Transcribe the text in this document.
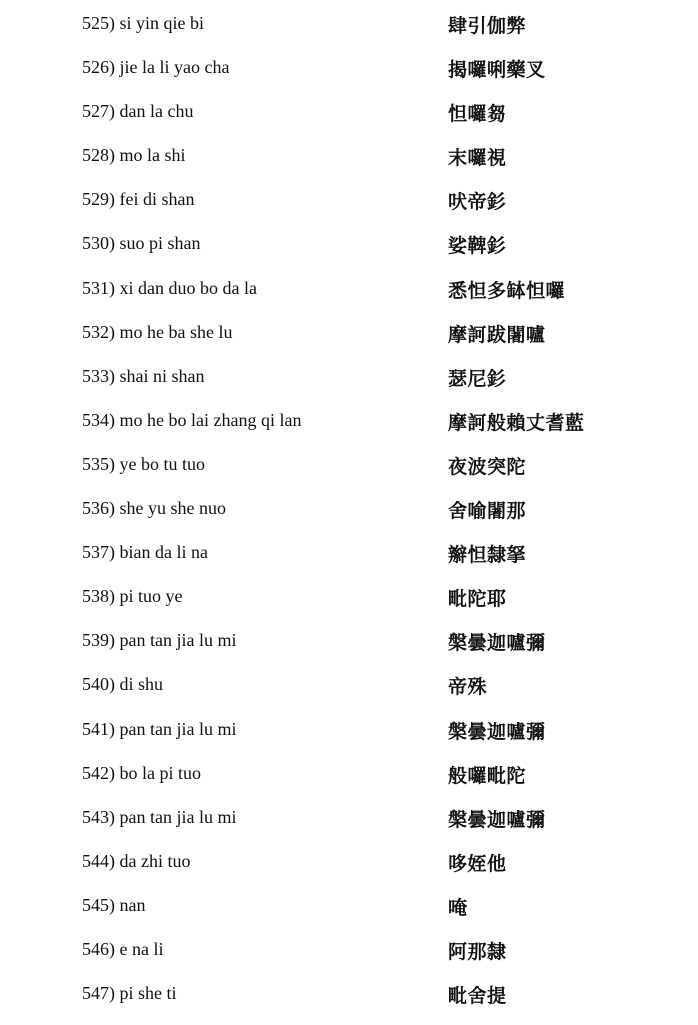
525) si yin qie bi	肆引伽弊
526) jie la li yao cha	揭囉唎藥叉
527) dan la chu	怛囉芻
528) mo la shi	末囉視
529) fei di shan	吠帝釤
530) suo pi shan	娑鞞釤
531) xi dan duo bo da la	悉怛多缽怛囉
532) mo he ba she lu	摩訶跋闍嚧
533) shai ni shan	瑟尼釤
534) mo he bo lai zhang qi lan	摩訶般賴丈耆藍
535) ye bo tu tuo	夜波突陀
536) she yu she nuo	舍喻闍那
537) bian da li na	辮怛隸拏
538) pi tuo ye	毗陀耶
539) pan tan jia lu mi	槃曇迦嚧彌
540) di shu	帝殊
541) pan tan jia lu mi	槃曇迦嚧彌
542) bo la pi tuo	般囉毗陀
543) pan tan jia lu mi	槃曇迦嚧彌
544) da zhi tuo	哆姪他
545) nan	唵
546) e na li	阿那隸
547) pi she ti	毗舍提
